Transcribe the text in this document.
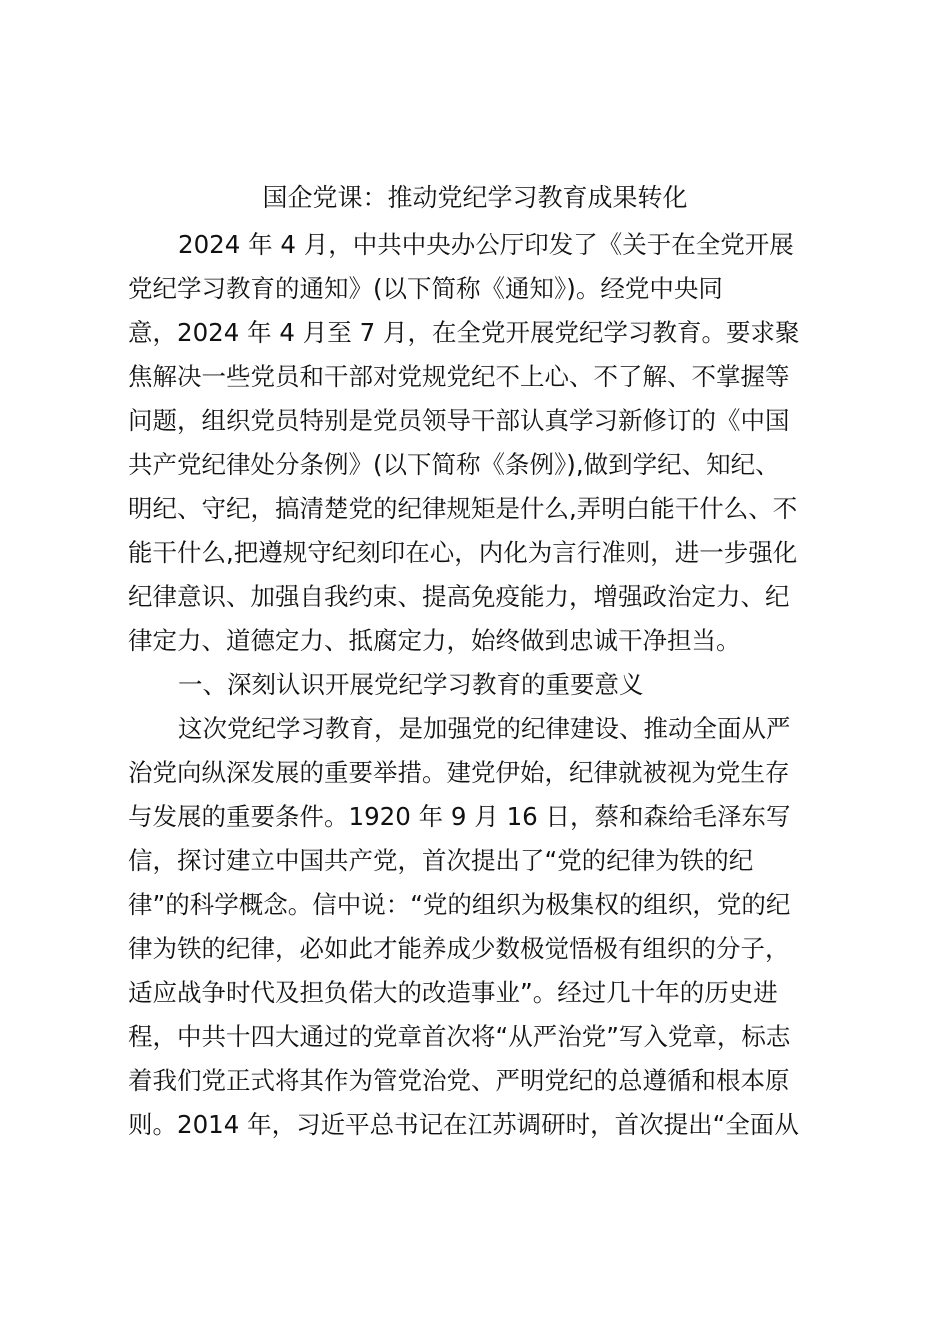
国企党课：推动党纪学习教育成果转化
2024 年 4 月，中共中央办公厅印发了《关于在全党开展
党纪学习教育的通知》(以下简称《通知》)。经党中央同
意，2024 年 4 月至 7 月，在全党开展党纪学习教育。要求聚
焦解决一些党员和干部对党规党纪不上心、不了解、不掌握等
问题，组织党员特别是党员领导干部认真学习新修订的《中国
共产党纪律处分条例》(以下简称《条例》),做到学纪、知纪、
明纪、守纪，搞清楚党的纪律规矩是什么,弄明白能干什么、不
能干什么,把遵规守纪刻印在心，内化为言行准则，进一步强化
纪律意识、加强自我约束、提高免疫能力，增强政治定力、纪
律定力、道德定力、抵腐定力，始终做到忠诚干净担当。
一、深刻认识开展党纪学习教育的重要意义
这次党纪学习教育，是加强党的纪律建设、推动全面从严
治党向纵深发展的重要举措。建党伊始，纪律就被视为党生存
与发展的重要条件。1920 年 9 月 16 日，蔡和森给毛泽东写
信，探讨建立中国共产党，首次提出了“党的纪律为铁的纪
律”的科学概念。信中说：“党的组织为极集权的组织，党的纪
律为铁的纪律，必如此才能养成少数极觉悟极有组织的分子，
适应战争时代及担负偌大的改造事业”。经过几十年的历史进
程，中共十四大通过的党章首次将“从严治党”写入党章，标志
着我们党正式将其作为管党治党、严明党纪的总遵循和根本原
则。2014 年，习近平总书记在江苏调研时，首次提出“全面从
